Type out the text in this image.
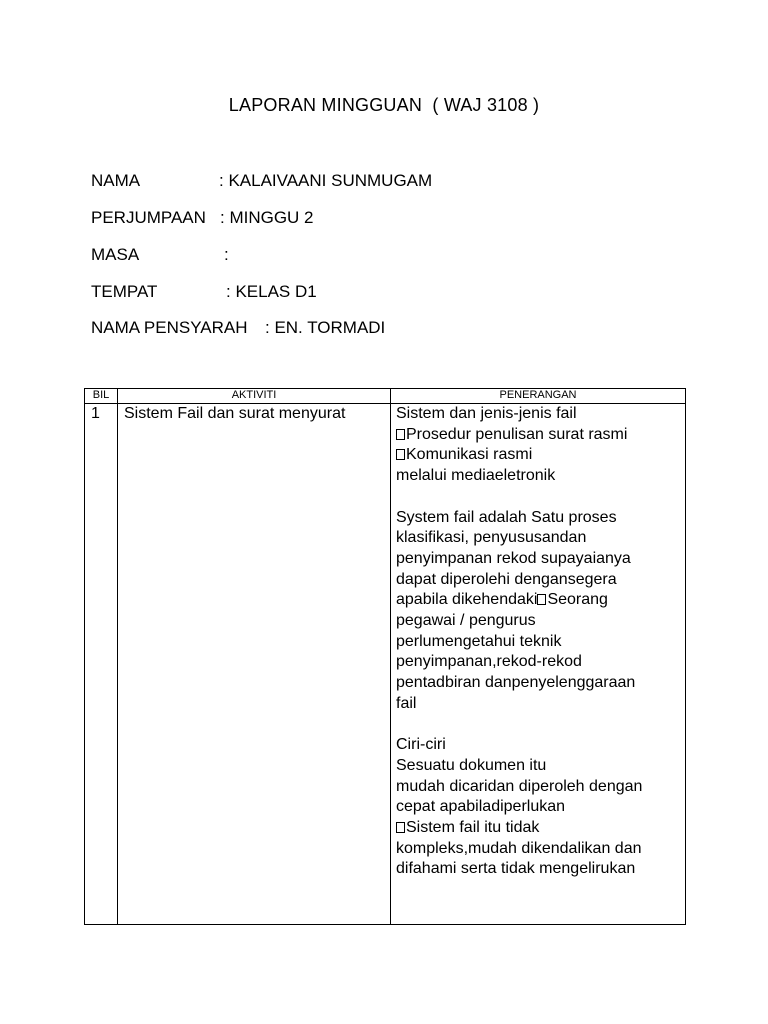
LAPORAN MINGGUAN  ( WAJ 3108 )
NAMA	: KALAIVAANI SUNMUGAM
PERJUMPAAN : MINGGU 2
MASA	:
TEMPAT	: KELAS D1
NAMA PENSYARAH : EN. TORMADI
BIL	AKTIVITI	PENERANGAN
1 Sistem Fail dan surat menyurat	Sistem dan jenis-jenis fail
Prosedur penulisan surat rasmi
Komunikasi rasmi
melalui mediaeletronik
System fail adalah Satu proses
klasifikasi, penyususandan
penyimpanan rekod supayaianya
dapat diperolehi dengansegera
apabila dikehendaki Seorang
pegawai / pengurus
perlumengetahui teknik
penyimpanan,rekod-rekod
pentadbiran danpenyelenggaraan
fail
Ciri-ciri
Sesuatu dokumen itu
mudah dicaridan diperoleh dengan
cepat apabiladiperlukan
Sistem fail itu tidak
kompleks,mudah dikendalikan dan
difahami serta tidak mengelirukan
